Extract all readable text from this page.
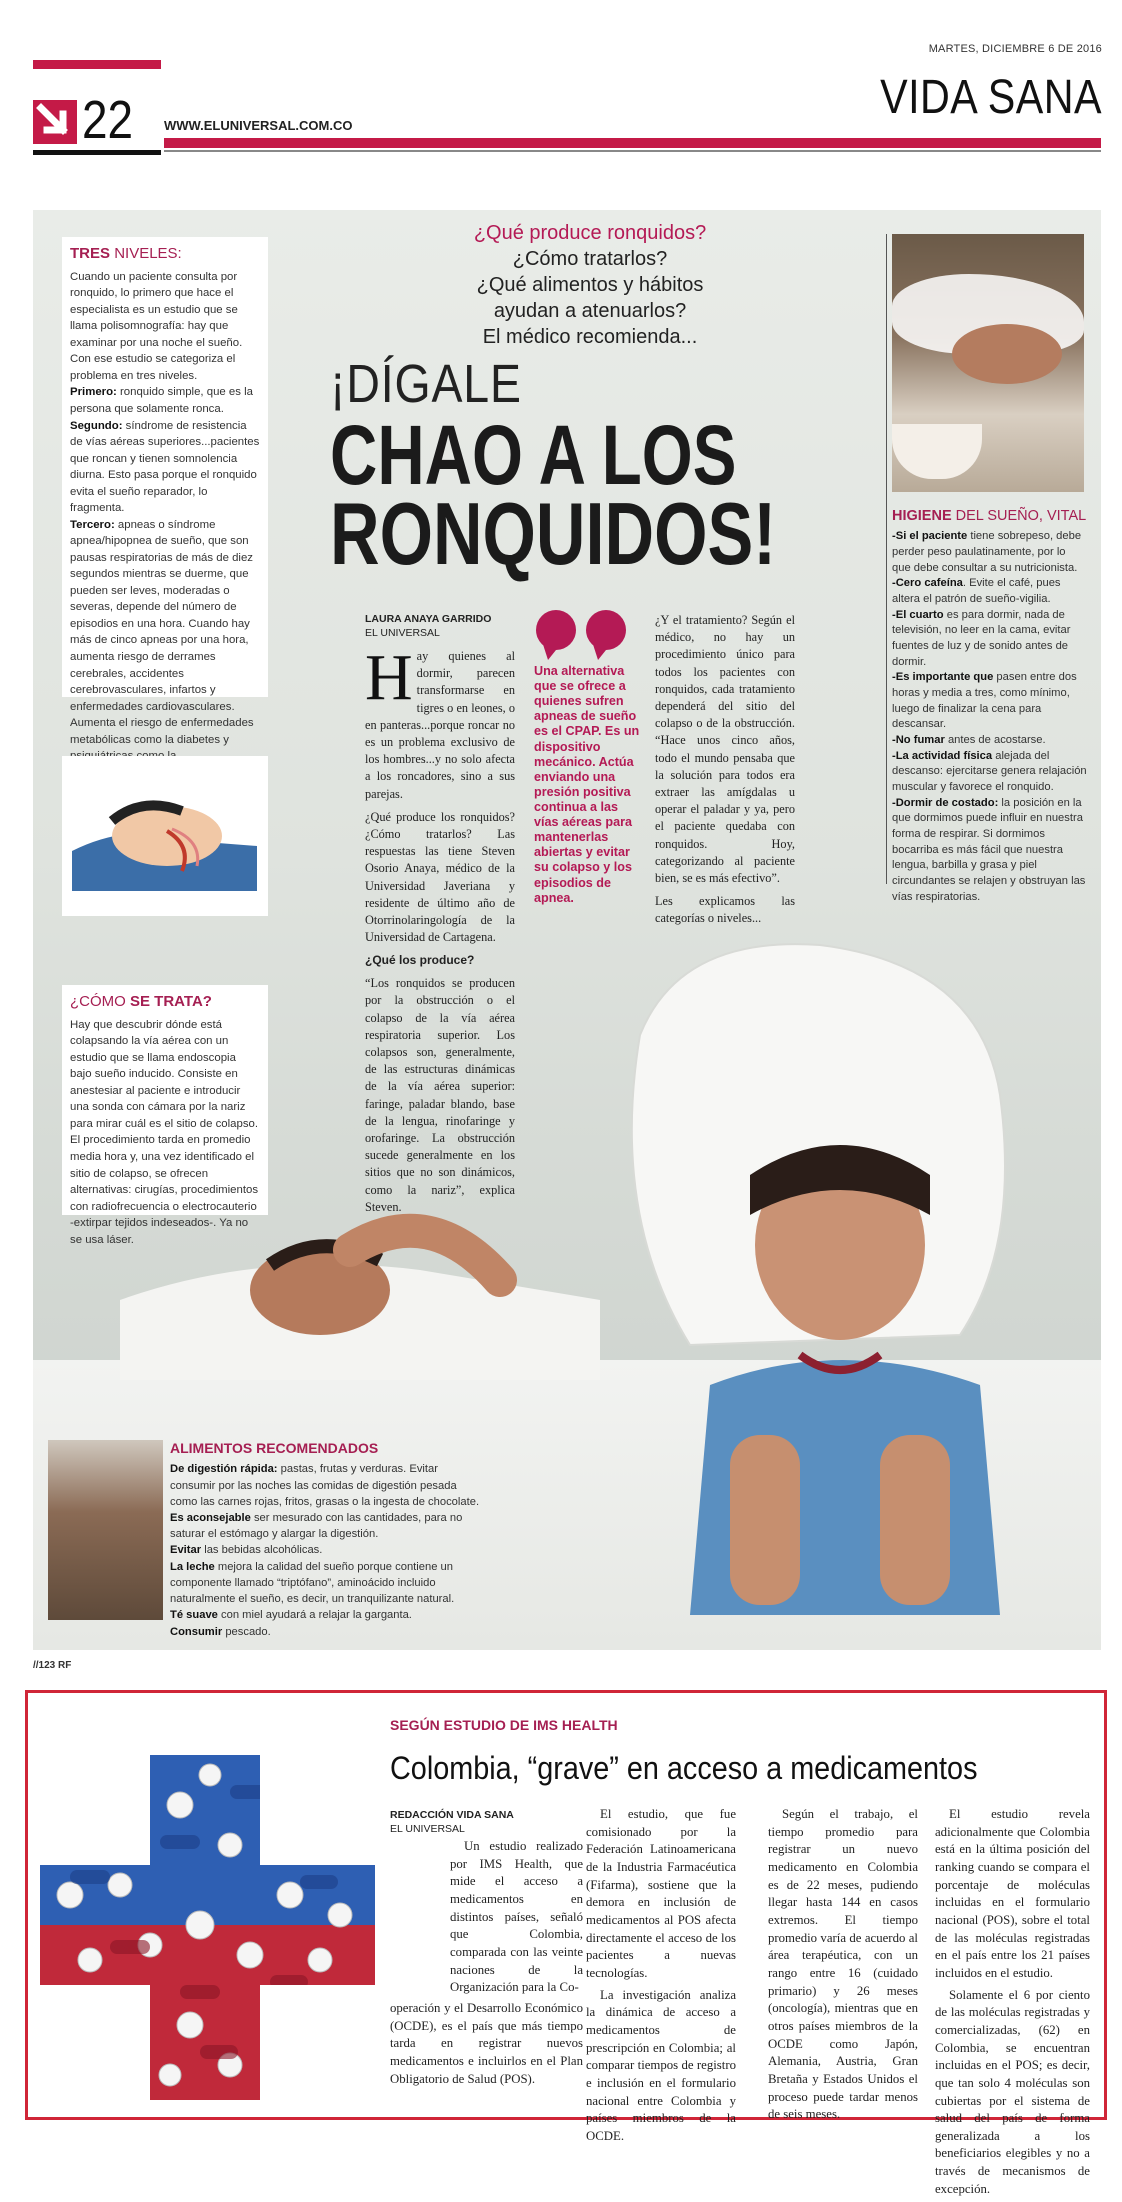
MARTES, DICIEMBRE 6 DE 2016
VIDA SANA
22 WWW.ELUNIVERSAL.COM.CO
TRES NIVELES:

Cuando un paciente consulta por ronquido, lo primero que hace el especialista es un estudio que se llama polisomnografía: hay que examinar por una noche el sueño. Con ese estudio se categoriza el problema en tres niveles.

Primero: ronquido simple, que es la persona que solamente ronca.

Segundo: síndrome de resistencia de vías aéreas superiores...pacientes que roncan y tienen somnolencia diurna. Esto pasa porque el ronquido evita el sueño reparador, lo fragmenta.

Tercero: apneas o síndrome apnea/hipopnea de sueño, que son pausas respiratorias de más de diez segundos mientras se duerme, que pueden ser leves, moderadas o severas, depende del número de episodios en una hora. Cuando hay más de cinco apneas por una hora, aumenta riesgo de derrames cerebrales, accidentes cerebrovasculares, infartos y enfermedades cardiovasculares. Aumenta el riesgo de enfermedades metabólicas como la diabetes y

¿CÓMO SE TRATA?

Hay que descubrir dónde está colapsando la vía aérea con un estudio que se llama endoscopia bajo sueño inducido. Consiste en anestesiar al paciente e introducir una sonda con cámara por la nariz para mirar cuál es el sitio de colapso. El procedimiento tarda en promedio media hora y, una vez identificado el sitio de colapso, se ofrecen alternativas: cirugías, procedimientos con radiofrecuencia o electrocauterio -extirpar tejidos indeseados-. Ya no se usa láser.

¿Qué produce ronquidos?
¿Cómo tratarlos?
¿Qué alimentos y hábitos
ayudan a atenuarlos?
El médico recomienda...
¡DÍGALE
CHAO A LOS
RONQUIDOS!
LAURA ANAYA GARRIDO
EL UNIVERSAL

Hay quienes al dormir, parecen transformarse en tigres o en leones, o en panteras...porque roncar no es un problema exclusivo de los hombres...y no solo afecta a los roncadores, sino a sus parejas.

¿Qué produce los ronquidos? ¿Cómo tratarlos? Las respuestas las tiene Steven Osorio Anaya, médico de la Universidad Javeriana y residente de último año de Otorrinolaringología de la Universidad de Cartagena.

¿Qué los produce?

“Los ronquidos se producen por la obstrucción o el colapso de la vía aérea respiratoria superior. Los colapsos son, generalmente, de las estructuras dinámicas de la vía aérea superior: faringe, paladar blando, base de la lengua, rinofaringe y orofaringe. La obstrucción sucede generalmente en los sitios que no son dinámicos, como la nariz”, explica Steven.

Una alternativa que se ofrece a quienes sufren apneas de sueño es el CPAP. Es un dispositivo mecánico. Actúa enviando una presión positiva continua a las vías aéreas para mantenerlas abiertas y evitar su colapso y los episodios de apnea.

¿Y el tratamiento? Según el médico, no hay un procedimiento único para todos los pacientes con ronquidos, cada tratamiento dependerá del sitio del colapso o de la obstrucción. “Hace unos cinco años, todo el mundo pensaba que la solución para todos era extraer las amígdalas u operar el paladar y ya, pero el paciente quedaba con ronquidos. Hoy, categorizando al paciente bien, se es más efectivo”.

Les explicamos las categorías o niveles...

HIGIENE DEL SUEÑO, VITAL

-Si el paciente tiene sobrepeso, debe perder peso paulatinamente, por lo que debe consultar a su nutricionista.

-Cero cafeína. Evite el café, pues altera el patrón de sueño-vigilia.

-El cuarto es para dormir, nada de televisión, no leer en la cama, evitar fuentes de luz y de sonido antes de dormir.

-Es importante que pasen entre dos horas y media a tres, como mínimo, luego de finalizar la cena para descansar.

-No fumar antes de acostarse.

-La actividad física alejada del descanso: ejercitarse genera relajación muscular y favorece el ronquido.

-Dormir de costado: la posición en la que dormimos puede influir en nuestra forma de respirar. Si dormimos bocarriba es más fácil que nuestra lengua, barbilla y grasa y piel circundantes se relajen y obstruyan las vías respiratorias.

ALIMENTOS RECOMENDADOS

De digestión rápida: pastas, frutas y verduras. Evitar consumir por las noches las comidas de digestión pesada como las carnes rojas, fritos, grasas o la ingesta de chocolate.

Es aconsejable ser mesurado con las cantidades, para no saturar el estómago y alargar la digestión.

Evitar las bebidas alcohólicas.

La leche mejora la calidad del sueño porque contiene un componente llamado “triptófano”, aminoácido incluido naturalmente el sueño, es decir, un tranquilizante natural.

Té suave con miel ayudará a relajar la garganta.

Consumir pescado.

//123 RF
SEGÚN ESTUDIO DE IMS HEALTH
Colombia, “grave” en acceso a medicamentos
REDACCIÓN VIDA SANA
EL UNIVERSAL

Un estudio realizado por IMS Health, que mide el acceso a medicamentos en distintos países, señaló que Colombia, comparada con las veinte naciones de la Organización para la Co-

operación y el Desarrollo Económico (OCDE), es el país que más tiempo tarda en registrar nuevos medicamentos e incluirlos en el Plan Obligatorio de Salud (POS).

El estudio, que fue comisionado por la Federación Latinoamericana de la Industria Farmacéutica (Fifarma), sostiene que la demora en inclusión de medicamentos al POS afecta directamente el acceso de los pacientes a nuevas tecnologías.

La investigación analiza la dinámica de acceso a medicamentos de prescripción en Colombia; al comparar tiempos de registro e inclusión en el formulario nacional entre Colombia y países miembros de la OCDE.

Según el trabajo, el tiempo promedio para registrar un nuevo medicamento en Colombia es de 22 meses, pudiendo llegar hasta 144 en casos extremos. El tiempo promedio varía de acuerdo al área terapéutica, con un rango entre 16 (cuidado primario) y 26 meses (oncología), mientras que en otros países miembros de la OCDE como Japón, Alemania, Austria, Gran Bretaña y Estados Unidos el proceso puede tardar menos de seis meses.

El estudio revela adicionalmente que Colombia está en la última posición del ranking cuando se compara el porcentaje de moléculas incluidas en el formulario nacional (POS), sobre el total de las moléculas registradas en el país entre los 21 países incluidos en el estudio.

Solamente el 6 por ciento de las moléculas registradas y comercializadas, (62) en Colombia, se encuentran incluidas en el POS; es decir, que tan solo 4 moléculas son cubiertas por el sistema de salud del país de forma generalizada a los beneficiarios elegibles y no a través de mecanismos de excepción.
